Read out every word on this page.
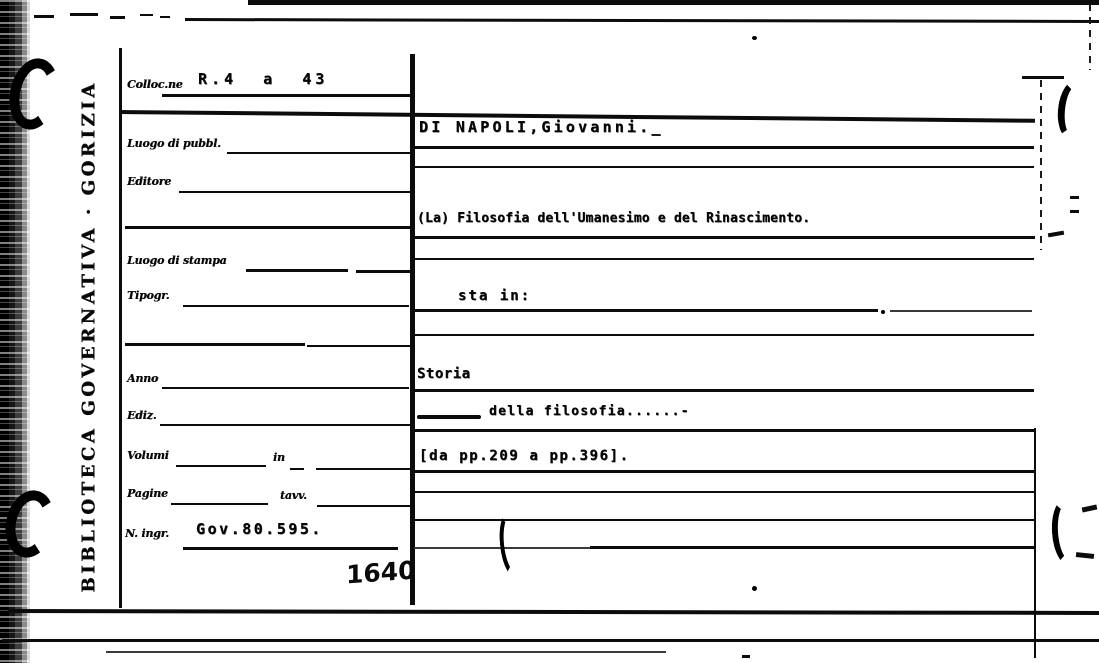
BIBLIOTECA GOVERNATIVA · GORIZIA	Colloc.ne R.4  a  43
Luogo di pubbl.
Editore
Luogo di stampa
Tipogr.
Anno
Ediz.
Volumi	in
Pagine	tavv.
N. ingr. Gov.80.595.
1640
DI NAPOLI,Giovanni._
(La) Filosofia dell'Umanesimo e del Rinascimento.
sta in:
Storia
della filosofia......-
[da pp.209 a pp.396].
